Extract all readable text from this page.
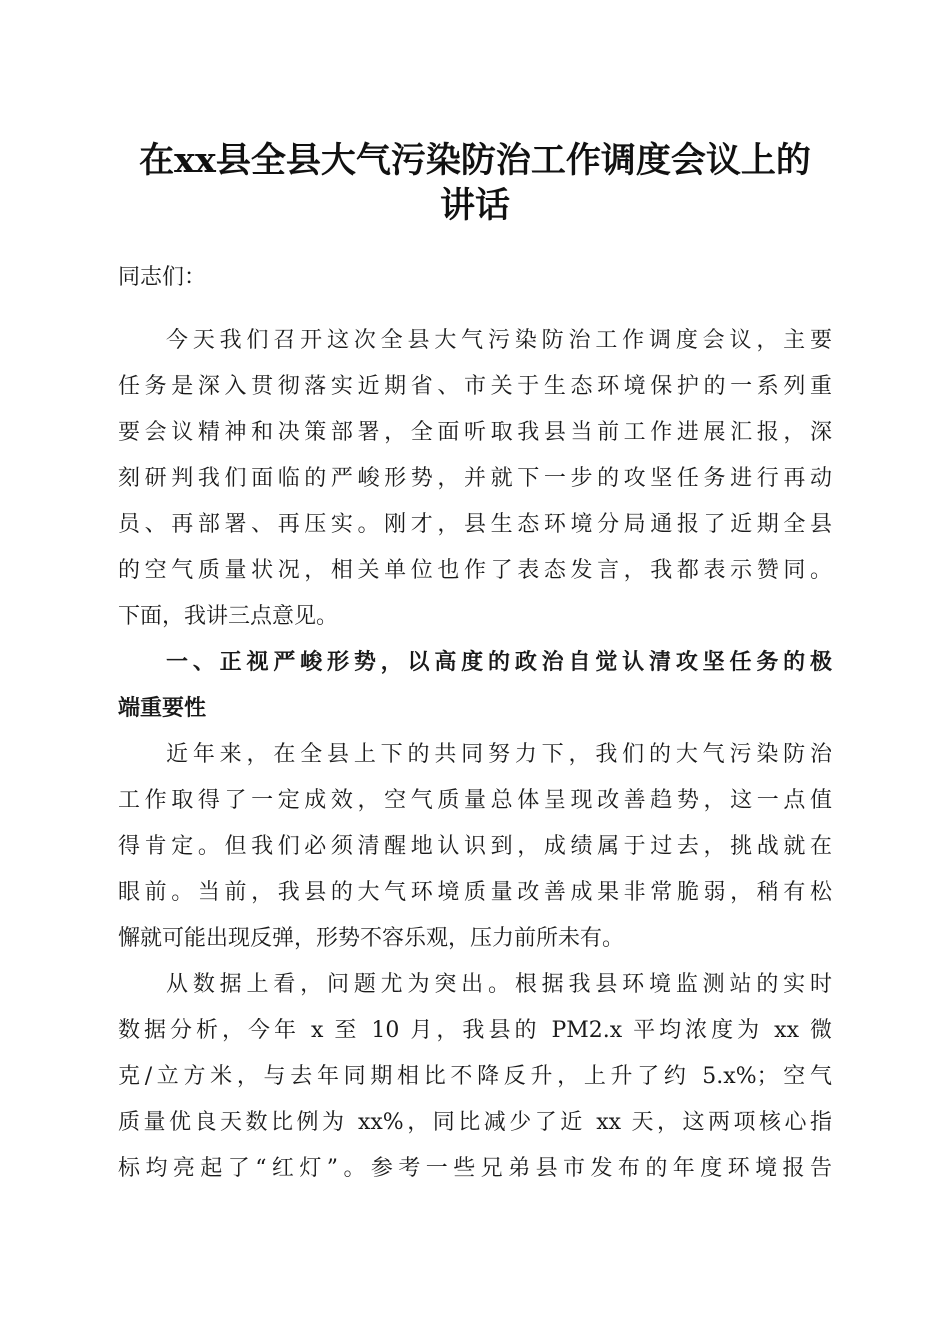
在xx县全县大气污染防治工作调度会议上的
讲话
同志们：
今天我们召开这次全县大气污染防治工作调度会议，主要
任务是深入贯彻落实近期省、市关于生态环境保护的一系列重
要会议精神和决策部署，全面听取我县当前工作进展汇报，深
刻研判我们面临的严峻形势，并就下一步的攻坚任务进行再动
员、再部署、再压实。刚才，县生态环境分局通报了近期全县
的空气质量状况，相关单位也作了表态发言，我都表示赞同。
下面，我讲三点意见。
一、正视严峻形势，以高度的政治自觉认清攻坚任务的极
端重要性
近年来，在全县上下的共同努力下，我们的大气污染防治
工作取得了一定成效，空气质量总体呈现改善趋势，这一点值
得肯定。但我们必须清醒地认识到，成绩属于过去，挑战就在
眼前。当前，我县的大气环境质量改善成果非常脆弱，稍有松
懈就可能出现反弹，形势不容乐观，压力前所未有。
从数据上看，问题尤为突出。根据我县环境监测站的实时
数据分析，今年 x 至 10 月，我县的 PM2.x 平均浓度为 xx 微
克/立方米，与去年同期相比不降反升，上升了约 5.x%；空气
质量优良天数比例为 xx%，同比减少了近 xx 天，这两项核心指
标均亮起了“红灯”。参考一些兄弟县市发布的年度环境报告
